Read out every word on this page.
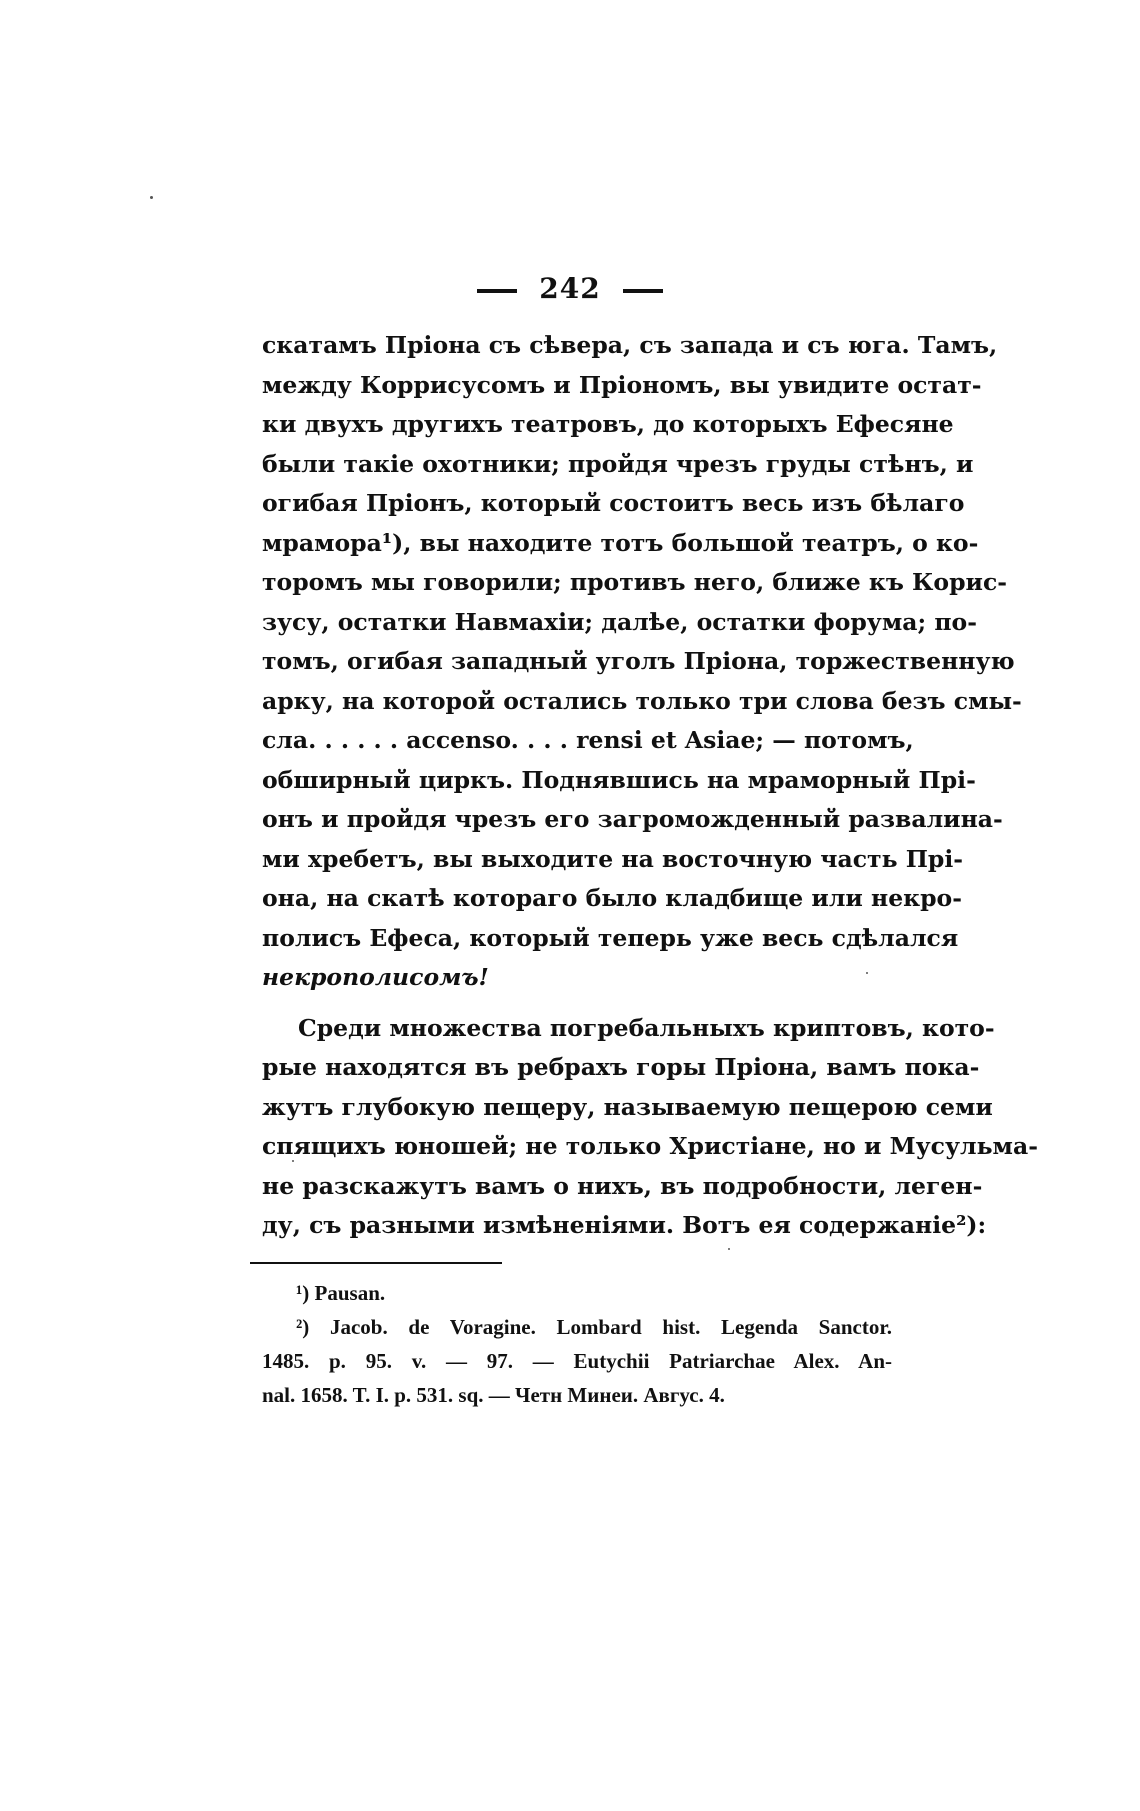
242
скатамъ Пріона съ сѣвера, съ запада и съ юга. Тамъ,
между Коррисусомъ и Пріономъ, вы увидите остат-
ки двухъ другихъ театровъ, до которыхъ Ефесяне
были такіе охотники; пройдя чрезъ груды стѣнъ, и
огибая Пріонъ, который состоитъ весь изъ бѣлаго
мрамора¹), вы находите тотъ большой театръ, о ко-
торомъ мы говорили; противъ него, ближе къ Корис-
зусу, остатки Навмахіи; далѣе, остатки форума; по-
томъ, огибая западный уголъ Пріона, торжественную
арку, на которой остались только три слова безъ смы-
сла. . . . . . accenso. . . . rensi et Asiae; — потомъ,
обширный циркъ. Поднявшись на мраморный Прі-
онъ и пройдя чрезъ его загроможденный развалина-
ми хребетъ, вы выходите на восточную часть Прі-
она, на скатѣ котораго было кладбище или некро-
полисъ Ефеса, который теперь уже весь сдѣлался
некрополисомъ!
Среди множества погребальныхъ криптовъ, кото-
рые находятся въ ребрахъ горы Пріона, вамъ пока-
жутъ глубокую пещеру, называемую пещерою семи
спящихъ юношей; не только Христіане, но и Мусульма-
не разскажутъ вамъ о нихъ, въ подробности, леген-
ду, съ разными измѣненіями. Вотъ ея содержаніе²):
¹) Pausan.
²) Jacob. de Voragine. Lombard hist. Legenda Sanctor.
1485. p. 95. v. — 97. — Eutychii Patriarchae Alex. An-
nal. 1658. T. I. p. 531. sq. — Четн Минеи. Авгус. 4.
